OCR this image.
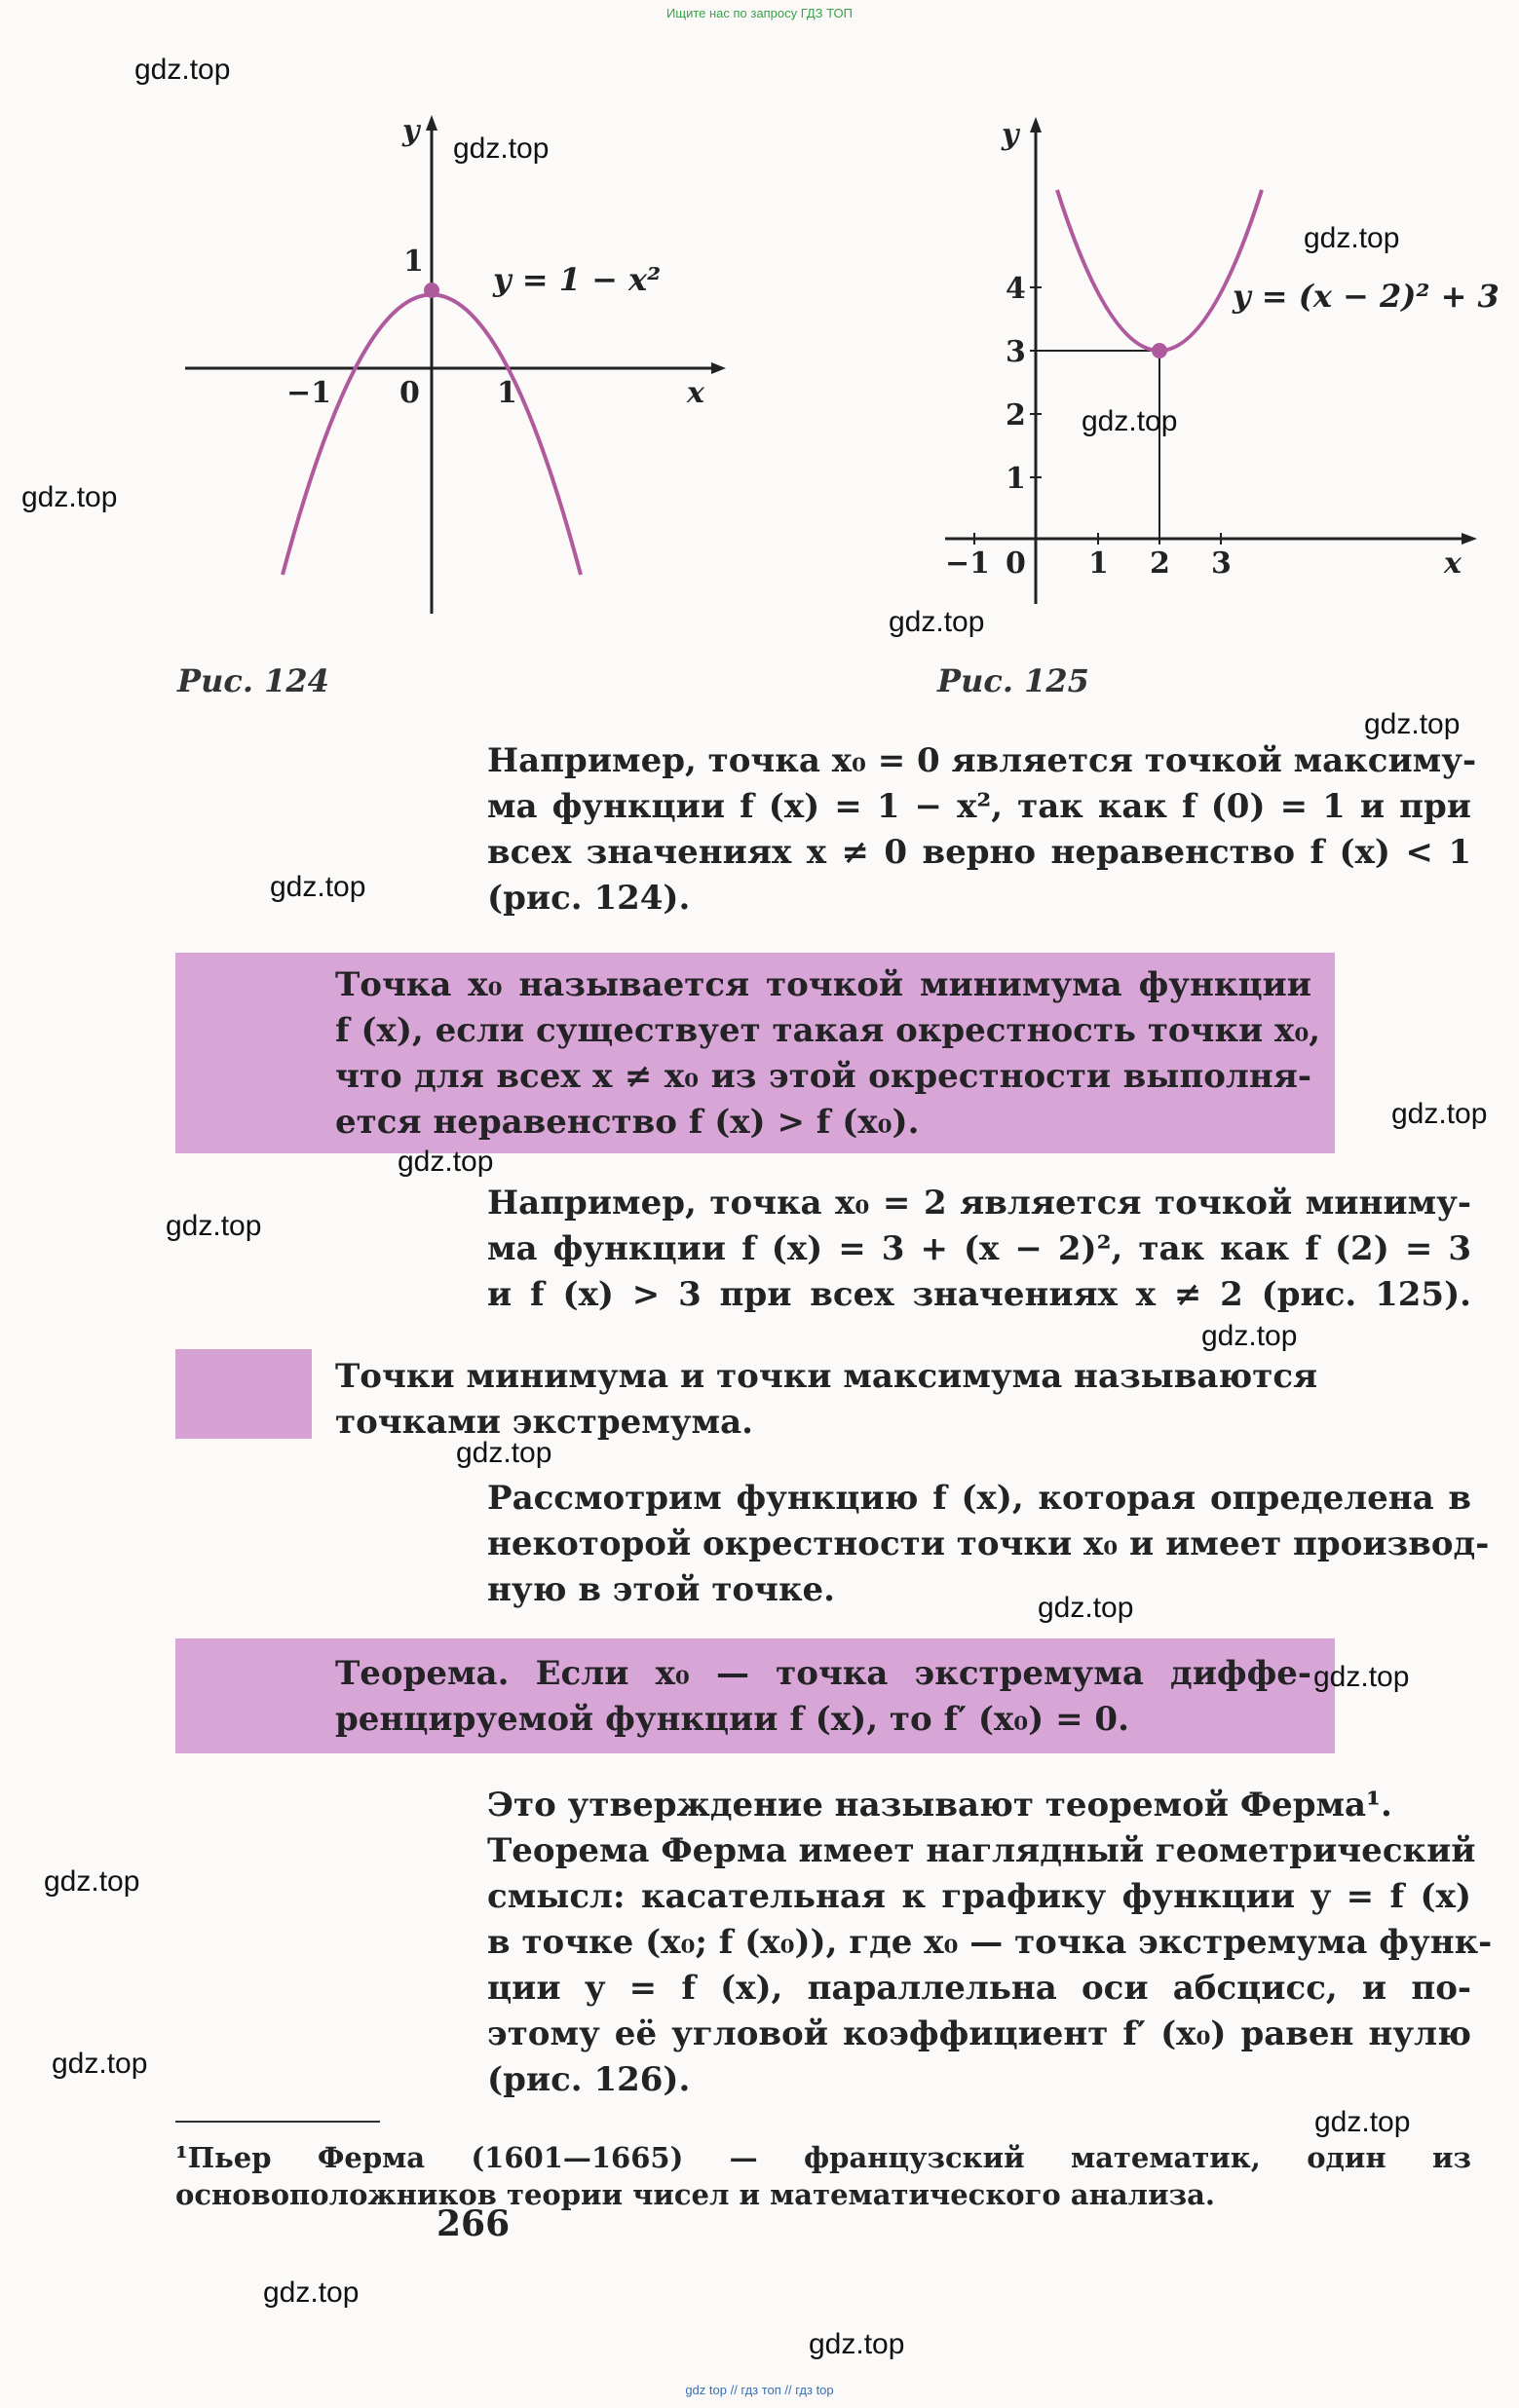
Ищите нас по запросу ГДЗ ТОП
y
x
1
−1 0	1
y = 1 − x²
Рис. 124
y
x
1
2
3
4
−1 0 1 2 3
y = (x − 2)² + 3
Рис. 125
Например, точка x₀ = 0 является точкой максиму-
ма функции f (x) = 1 − x², так как f (0) = 1 и при
всех значениях x ≠ 0 верно неравенство f (x) < 1
(рис. 124).
Точка x₀ называется точкой минимума функции
f (x), если существует такая окрестность точки x₀,
что для всех x ≠ x₀ из этой окрестности выполня-
ется неравенство f (x) > f (x₀).
Например, точка x₀ = 2 является точкой миниму-
ма функции f (x) = 3 + (x − 2)², так как f (2) = 3
и f (x) > 3 при всех значениях x ≠ 2 (рис. 125).
Точки минимума и точки максимума называются
точками экстремума.
Рассмотрим функцию f (x), которая определена в
некоторой окрестности точки x₀ и имеет производ-
ную в этой точке.
Теорема. Если x₀ — точка экстремума диффе-
ренцируемой функции f (x), то f′ (x₀) = 0.
Это утверждение называют теоремой Ферма¹.
Теорема Ферма имеет наглядный геометрический
смысл: касательная к графику функции y = f (x)
в точке (x₀; f (x₀)), где x₀ — точка экстремума функ-
ции y = f (x), параллельна оси абсцисс, и по-
этому её угловой коэффициент f′ (x₀) равен нулю
(рис. 126).
¹Пьер Ферма (1601—1665) — французский математик, один из
основоположников теории чисел и математического анализа.
266
gdz.top
gdz.top
gdz.top
gdz.top
gdz.top
gdz.top
gdz.top
gdz.top
gdz.top
gdz.top
gdz.top
gdz.top
gdz.top
gdz.top
gdz.top
gdz.top
gdz.top
gdz.top
gdz.top
gdz.top
gdz top // гдз топ // гдз top
